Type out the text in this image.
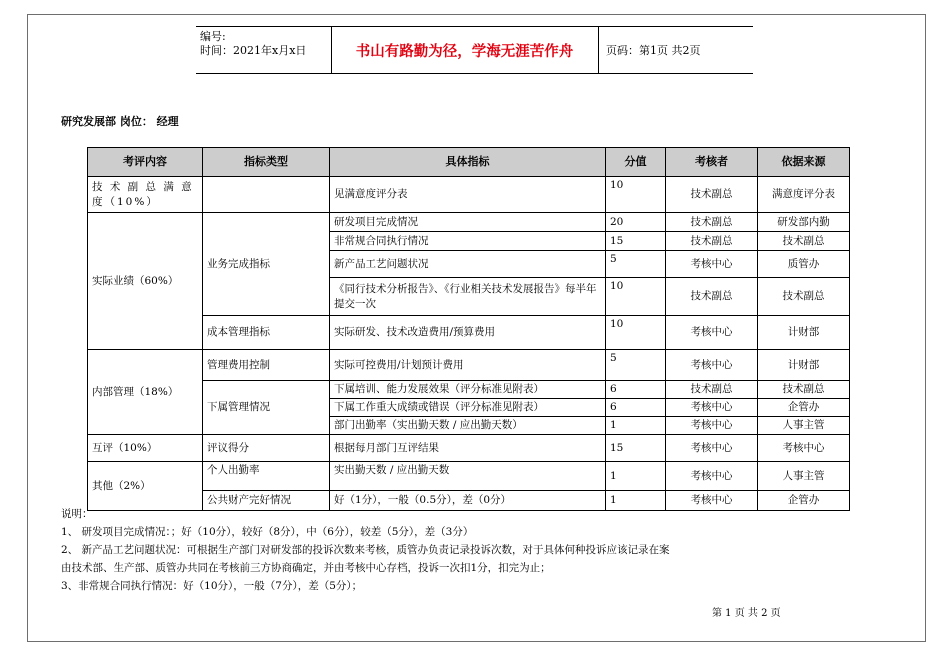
编号:
时间：2021年x月x日	书山有路勤为径，学海无涯苦作舟	页码：第1页 共2页
研究发展部 岗位： 经理
考评内容	指标类型	具体指标	分值	考核者	依据来源
技 术 副 总 满 意 度（10%）		见满意度评分表	10	技术副总	满意度评分表
实际业绩（60%）	业务完成指标	研发项目完成情况	20	技术副总	研发部内勤
		非常规合同执行情况	15	技术副总	技术副总
		新产品工艺问题状况	5	考核中心	质管办
		《同行技术分析报告》、《行业相关技术发展报告》每半年提交一次	10	技术副总	技术副总
	成本管理指标	实际研发、技术改造费用/预算费用	10	考核中心	计财部
内部管理（18%）	管理费用控制	实际可控费用/计划预计费用	5	考核中心	计财部
	下属管理情况	下属培训、能力发展效果（评分标准见附表）	6	技术副总	技术副总
		下属工作重大成绩或错误（评分标准见附表）	6	考核中心	企管办
		部门出勤率（实出勤天数 / 应出勤天数）	1	考核中心	人事主管
互评（10%）	评议得分	根据每月部门互评结果	15	考核中心	考核中心
其他（2%）	个人出勤率	实出勤天数 / 应出勤天数	1	考核中心	人事主管
	公共财产完好情况	好（1分），一般（0.5分），差（0分）	1	考核中心	企管办
说明：
1、 研发项目完成情况：；好（10分），较好（8分），中（6分），较差（5分），差（3分）
2、 新产品工艺问题状况：可根据生产部门对研发部的投诉次数来考核，质管办负责记录投诉次数，对于具体何种投诉应该记录在案
由技术部、生产部、质管办共同在考核前三方协商确定，并由考核中心存档，投诉一次扣1分，扣完为止；
3、非常规合同执行情况：好（10分），一般（7分），差（5分）；
第 1 页 共 2 页
